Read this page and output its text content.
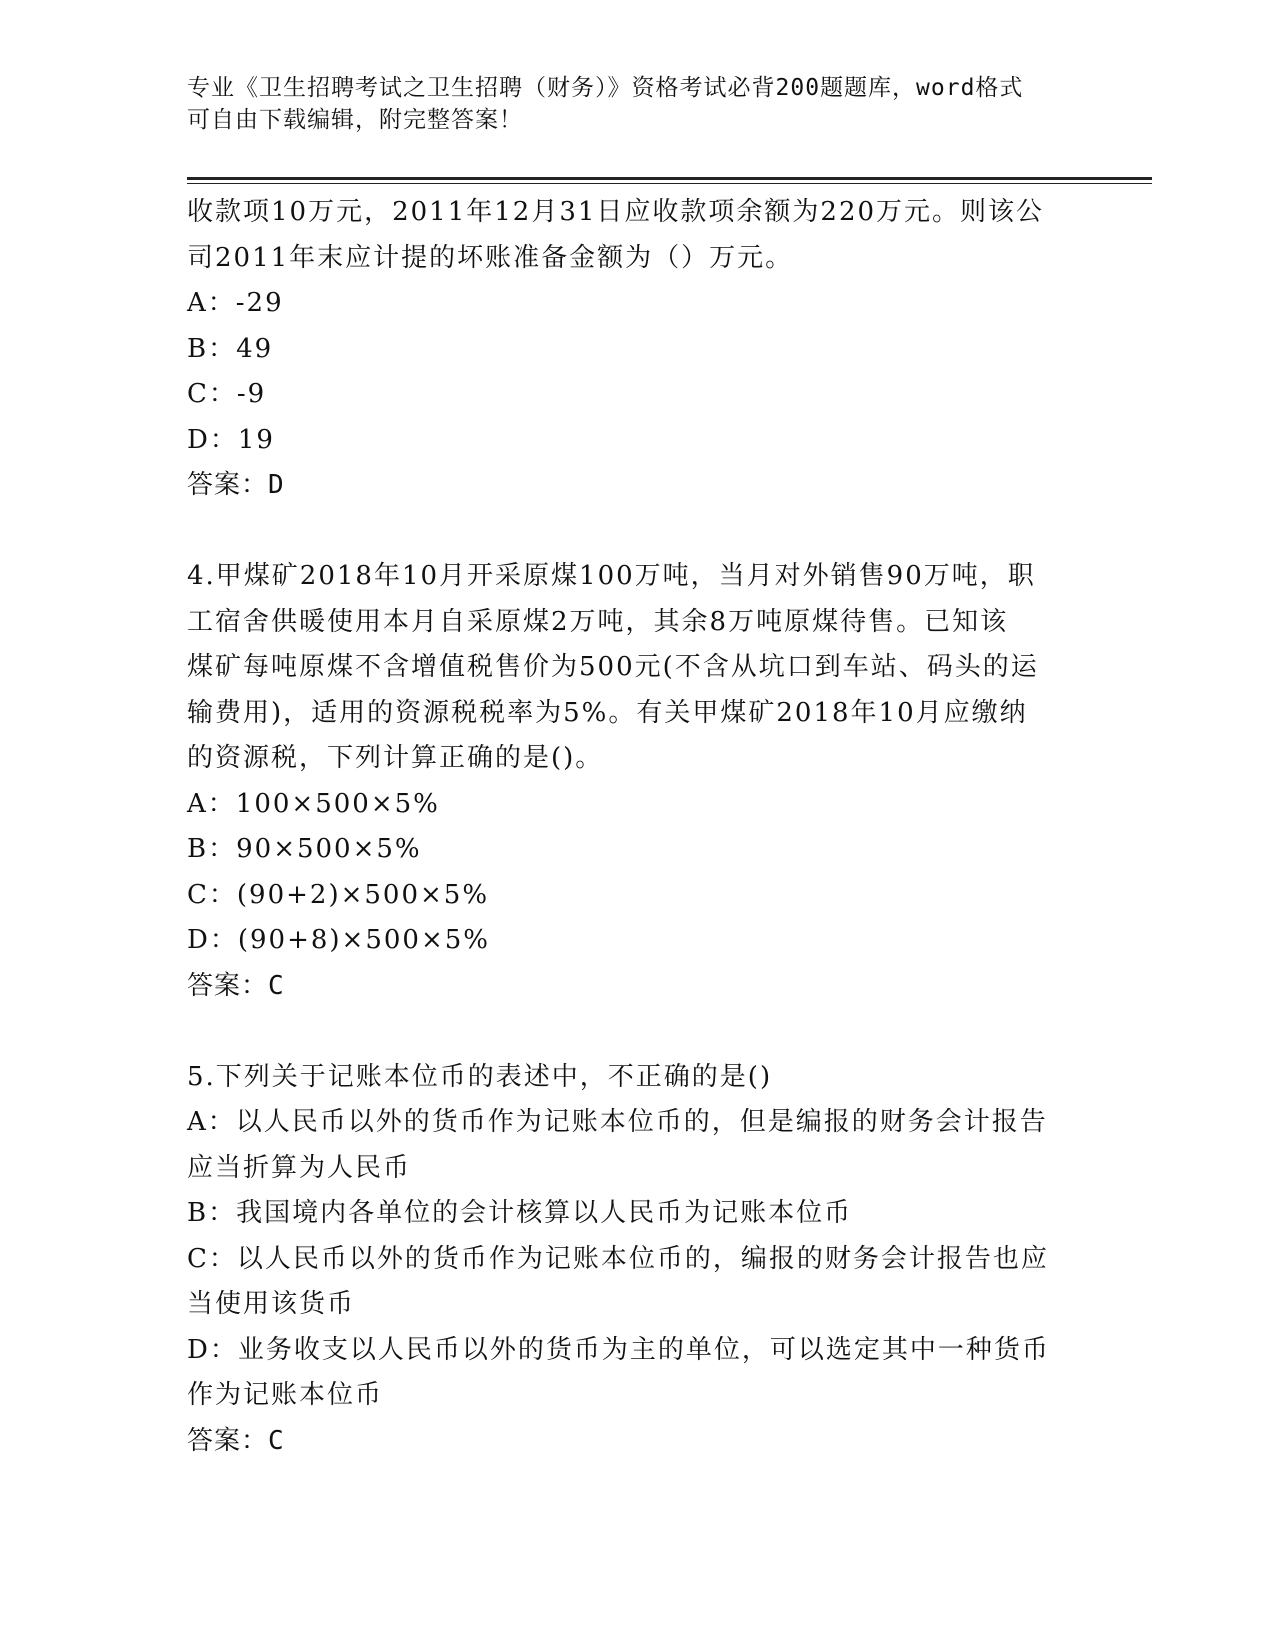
专业《卫生招聘考试之卫生招聘（财务）》资格考试必背200题题库，word格式
可自由下载编辑，附完整答案！
收款项10万元，2011年12月31日应收款项余额为220万元。则该公
司2011年末应计提的坏账准备金额为（）万元。
A：-29
B：49
C：-9
D：19
答案：D
4.甲煤矿2018年10月开采原煤100万吨，当月对外销售90万吨，职
工宿舍供暖使用本月自采原煤2万吨，其余8万吨原煤待售。已知该
煤矿每吨原煤不含增值税售价为500元(不含从坑口到车站、码头的运
输费用)，适用的资源税税率为5%。有关甲煤矿2018年10月应缴纳
的资源税，下列计算正确的是()。
A：100×500×5%
B：90×500×5%
C：(90+2)×500×5%
D：(90+8)×500×5%
答案：C
5.下列关于记账本位币的表述中，不正确的是()
A：以人民币以外的货币作为记账本位币的，但是编报的财务会计报告
应当折算为人民币
B：我国境内各单位的会计核算以人民币为记账本位币
C：以人民币以外的货币作为记账本位币的，编报的财务会计报告也应
当使用该货币
D：业务收支以人民币以外的货币为主的单位，可以选定其中一种货币
作为记账本位币
答案：C
